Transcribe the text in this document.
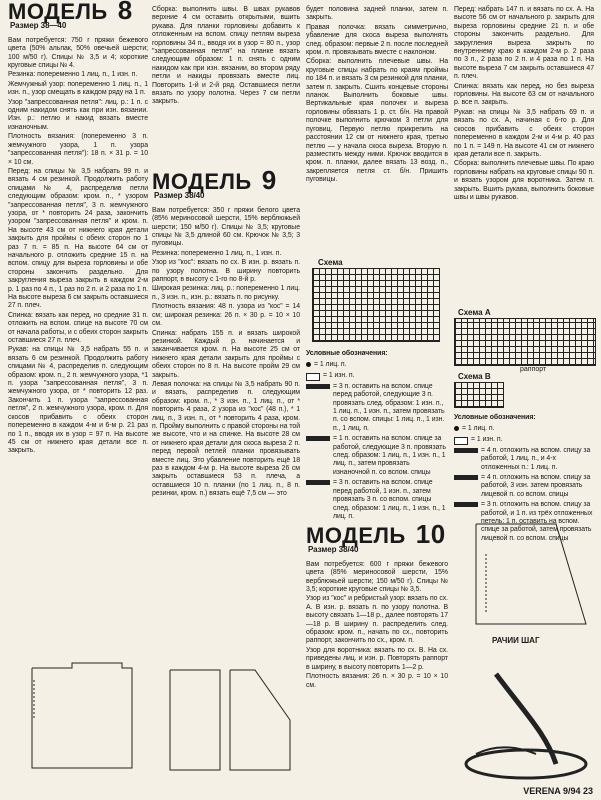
МОДЕЛЬ 8
Размер 38—40

Вам потребуется: 750 г пряжи бежевого цвета (50% альпак, 50% овечьей шерсти; 100 м/50 г). Спицы № 3,5 и 4; короткие круговые спицы № 4.

Резинка: попеременно 1 лиц. п., 1 изн. п.

Жемчужный узор: попеременно 1 лиц. п., 1 изн. п., узор смещать в каждом ряду на 1 п.

Узор "запрессованная петля": лиц. р.: 1 п. с одним накидом снять как при изн. вязании. Изн. р.: петлю и накид вязать вместе изнаночным.

Плотность вязания: (попеременно 3 п. жемчужного узора, 1 п. узора "запрессованная петля"): 18 п. × 31 р. = 10 × 10 см.

Перед: на спицы № 3,5 набрать 99 п. и вязать 4 см резинкой. Продолжить работу спицами № 4, распределив петли следующим образом: кром. п., * узором "запрессованная петля", 3 п. жемчужного узора, от * повторить 24 раза, закончить узором "запрессованная петля" и кром. п. На высоте 43 см от нижнего края детали закрыть для проймы с обеих сторон по 1 раз 7 п. = 85 п. На высоте 64 см от начального р. отложить средние 15 п. на вспом. спицу для выреза горловины и обе стороны закончить раздельно. Для закругления выреза закрыть в каждом 2-м р. 1 раз по 4 п., 1 раз по 2 п. и 2 раза по 1 п. На высоте выреза 6 см закрыть оставшиеся 27 п. плеч.

Спинка: вязать как перед, но средние 31 п. отложить на вспом. спице на высоте 70 см от начала работы, и с обеих сторон закрыть оставшиеся 27 п. плеч.

Рукав: на спицы № 3,5 набрать 55 п. и вязать 6 см резинкой. Продолжить работу спицами № 4, распределив п. следующим образом: кром. п., 2 п. жемчужного узора, *1 п. узора "запрессованная петля", 3 п. жемчужного узора, от * повторить 12 раз. Закончить 1 п. узора "запрессованная петля", 2 п. жемчужного узора, кром. п. Для скосов прибавить с обеих сторон попеременно в каждом 4-м и 6-м р. 21 раз по 1 п., вводя их в узор = 97 п. На высоте 45 см от нижнего края детали все п. закрыть.

Сборка: выполнить швы. В швах рукавов верхние 4 см оставить открытыми, вшить рукава. Для планки горловины добавить к отложенным на вспом. спицу петлям выреза горловины 34 п., вводя их в узор = 80 п., узор "запрессованная петля" на планке вязать следующим образом: 1 п. снять с одним накидом как при изн. вязании, во втором ряду петли и накиды провязать вместе лиц. Повторить 1-й и 2-й ряд. Оставшиеся петли вязать по узору полотна. Через 7 см петли закрыть.

МОДЕЛЬ 9
Размер 38/40

Вам потребуется: 350 г пряжи белого цвета (85% мериносовой шерсти, 15% верблюжьей шерсти; 150 м/50 г). Спицы № 3,5; круговые спицы № 3,5 длиной 60 см. Крючок № 3,5; 3 пуговицы.

Резинка: попеременно 1 лиц. п., 1 изн. п.

Узор из "кос": вязать по сх. В изн. р. вязать п. по узору полотна. В ширину повторить раппорт, в высоту с 1-го по 8-й р.

Широкая резинка: лиц. р.: попеременно 1 лиц. п., 3 изн. п., изн. р.: вязать п. по рисунку.

Плотность вязания: 48 п. узора из "кос" = 14 см; широкая резинка: 26 п. × 30 р. = 10 × 10 см.

Спинка: набрать 155 п. и вязать широкой резинкой. Каждый р. начинается и заканчивается кром. п. На высоте 25 см от нижнего края детали закрыть для проймы с обеих сторон по 8 п. На высоте пройм 29 см закрыть.

Левая полочка: на спицы № 3,5 набрать 90 п. и вязать, распределив п. следующим образом: кром. п., * 3 изн. п., 1 лиц. п., от * повторить 4 раза, 2 узора из "кос" (48 п.), * 1 лиц. п., 3 изн. п., от * повторить 4 раза, кром. п. Пройму выполнить с правой стороны на той же высоте, что и на спинке. На высоте 28 см от нижнего края детали для скоса выреза 2 п. перед первой петлей планки провязывать вместе лиц. Это убавление повторить ещё 18 раз в каждом 4-м р. На высоте выреза 26 см закрыть оставшиеся 53 п. плеча, а оставшиеся 10 п. планки (по 1 лиц. п., 8 п. резинки, кром. п.) вязать ещё 7,5 см — это

будет половина задней планки, затем п. закрыть.

Правая полочка: вязать симметрично, убавление для скоса выреза выполнять след. образом: первые 2 п. после последней кром. п. провязывать вместе с наклоном.

Сборка: выполнить плечевые швы. На круговые спицы набрать по краям проймы по 184 п. и вязать 3 см резинкой для планки, затем п. закрыть. Сшить концевые стороны планок. Выполнить боковые швы. Вертикальные края полочек и выреза горловины обвязать 1 р. ст. б/н. На правой полочке выполнить крючком 3 петли для пуговиц. Первую петлю прикрепить на расстоянии 12 см от нижнего края, третью петлю — у начала скоса выреза. Вторую п. разместить между ними. Крючок вводится в кром. п. планки, далее вязать 13 возд. п., закрепляется петля ст. б/н. Пришить пуговицы.

Схема
Условные обозначения:
= 1 лиц. п.
= 1 изн. п.
= 3 п. оставить на вспом. спице перед работой, следующие 3 п. провязать след. образом: 1 изн. п., 1 лиц. п., 1 изн. п., затем провязать п. со вспом. спицы: 1 лиц. п., 1 изн. п., 1 лиц. п.
= 1 п. оставить на вспом. спице за работой, следующие 3 п. провязать след. образом: 1 лиц. п., 1 изн. п., 1 лиц. п., затем провязать изнаночной п. со вспом. спицы
= 3 п. оставить на вспом. спице перед работой, 1 изн. п., затем провязать 3 п. со вспом. спицы след. образом: 1 лиц. п., 1 изн. п., 1 лиц. п.
МОДЕЛЬ 10
Размер 38/40

Вам потребуется: 600 г пряжи бежевого цвета (85% мериносовой шерсти, 15% верблюжьей шерсти; 150 м/50 г). Спицы № 3,5; короткие круговые спицы № 3,5.

Узор из "кос" и ребристый узор: вязать по сх. А. В изн. р. вязать п. по узору полотна. В высоту связать 1—18 р., далее повторять 17—18 р. В ширину п. распределить след. образом: кром. п., начать по сх., повторить раппорт, закончить по сх., кром. п.

Узор для воротника: вязать по сх. В. На сх. приведены лиц. и изн. р. Повторять раппорт в ширину, в высоту повторить 1—2 р.

Плотность вязания: 26 п. × 30 р. = 10 × 10 см.

Перед: набрать 147 п. и вязать по сх. А. На высоте 56 см от начального р. закрыть для выреза горловины средние 21 п. и обе стороны закончить раздельно. Для закругления выреза закрыть по внутреннему краю в каждом 2-м р. 2 раза по 3 п., 2 раза по 2 п. и 4 раза по 1 п. На высоте выреза 7 см закрыть оставшиеся 47 п. плеч.

Спинка: вязать как перед, но без выреза горловины. На высоте 63 см от начального р. все п. закрыть.

Рукав: на спицы № 3,5 набрать 69 п. и вязать по сх. А, начиная с 6-го р. Для скосов прибавить с обеих сторон попеременно в каждом 2-м и 4-м р. 40 раз по 1 п. = 149 п. На высоте 41 см от нижнего края детали все п. закрыть.

Сборка: выполнить плечевые швы. По краю горловины набрать на круговые спицы 90 п. и вязать узором для воротника. Затем п. закрыть. Вшить рукава, выполнить боковые швы и швы рукавов.

Схема А
раппорт
Схема В
Условные обозначения:
= 1 лиц. п.
= 1 изн. п.
= 4 п. отложить на вспом. спицу за работой, 1 лиц. п., и 4-х отложенных п.: 1 лиц. п.
= 4 п. отложить на вспом. спицу за работой, 3 изн. затем провязать лицевой п. со вспом. спицы
= 3 п. отложить на вспом. спицу за работой, и 1 п. из трёх отложенных петель: 1 п. оставить на вспом. спице за работой, затем провязать лицевой п. со вспом. спицы
РАЧИИ ШАГ
VERENA 9/94 23
